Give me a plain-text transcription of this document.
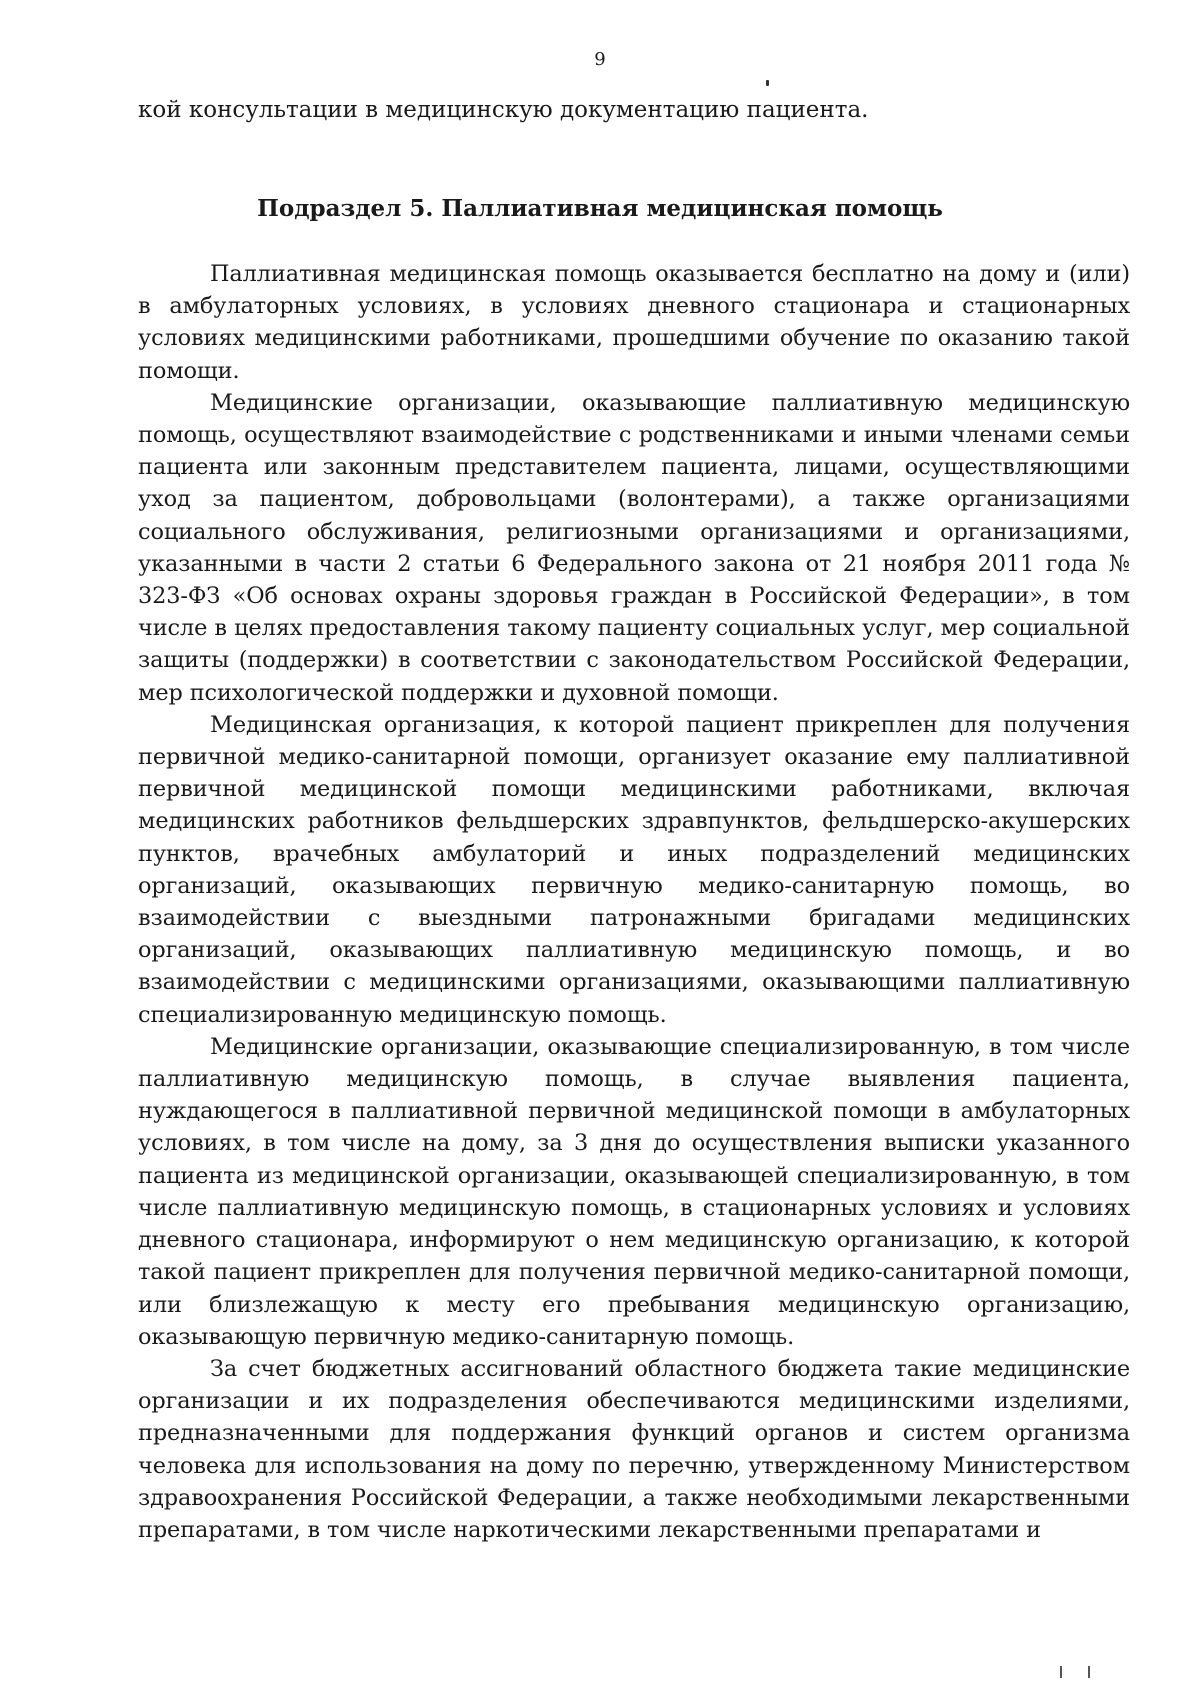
9
кой консультации в медицинскую документацию пациента.
Подраздел 5. Паллиативная медицинская помощь

Паллиативная медицинская помощь оказывается бесплатно на дому и (или) в амбулаторных условиях, в условиях дневного стационара и стационарных условиях медицинскими работниками, прошедшими обучение по оказанию такой помощи.

Медицинские организации, оказывающие паллиативную медицинскую помощь, осуществляют взаимодействие с родственниками и иными членами семьи пациента или законным представителем пациента, лицами, осуществляющими уход за пациентом, добровольцами (волонтерами), а также организациями социального обслуживания, религиозными организациями и организациями, указанными в части 2 статьи 6 Федерального закона от 21 ноября 2011 года № 323-ФЗ «Об основах охраны здоровья граждан в Российской Федерации», в том числе в целях предоставления такому пациенту социальных услуг, мер социальной защиты (поддержки) в соответствии с законодательством Российской Федерации, мер психологической поддержки и духовной помощи.

Медицинская организация, к которой пациент прикреплен для получения первичной медико-санитарной помощи, организует оказание ему паллиативной первичной медицинской помощи медицинскими работниками, включая медицинских работников фельдшерских здравпунктов, фельдшерско-акушерских пунктов, врачебных амбулаторий и иных подразделений медицинских организаций, оказывающих первичную медико-санитарную помощь, во взаимодействии с выездными патронажными бригадами медицинских организаций, оказывающих паллиативную медицинскую помощь, и во взаимодействии с медицинскими организациями, оказывающими паллиативную специализированную медицинскую помощь.

Медицинские организации, оказывающие специализированную, в том числе паллиативную медицинскую помощь, в случае выявления пациента, нуждающегося в паллиативной первичной медицинской помощи в амбулаторных условиях, в том числе на дому, за 3 дня до осуществления выписки указанного пациента из медицинской организации, оказывающей специализированную, в том числе паллиативную медицинскую помощь, в стационарных условиях и условиях дневного стационара, информируют о нем медицинскую организацию, к которой такой пациент прикреплен для получения первичной медико-санитарной помощи, или близлежащую к месту его пребывания медицинскую организацию, оказывающую первичную медико-санитарную помощь.

За счет бюджетных ассигнований областного бюджета такие медицинские организации и их подразделения обеспечиваются медицинскими изделиями, предназначенными для поддержания функций органов и систем организма человека для использования на дому по перечню, утвержденному Министерством здравоохранения Российской Федерации, а также необходимыми лекарственными препаратами, в том числе наркотическими лекарственными препаратами и
